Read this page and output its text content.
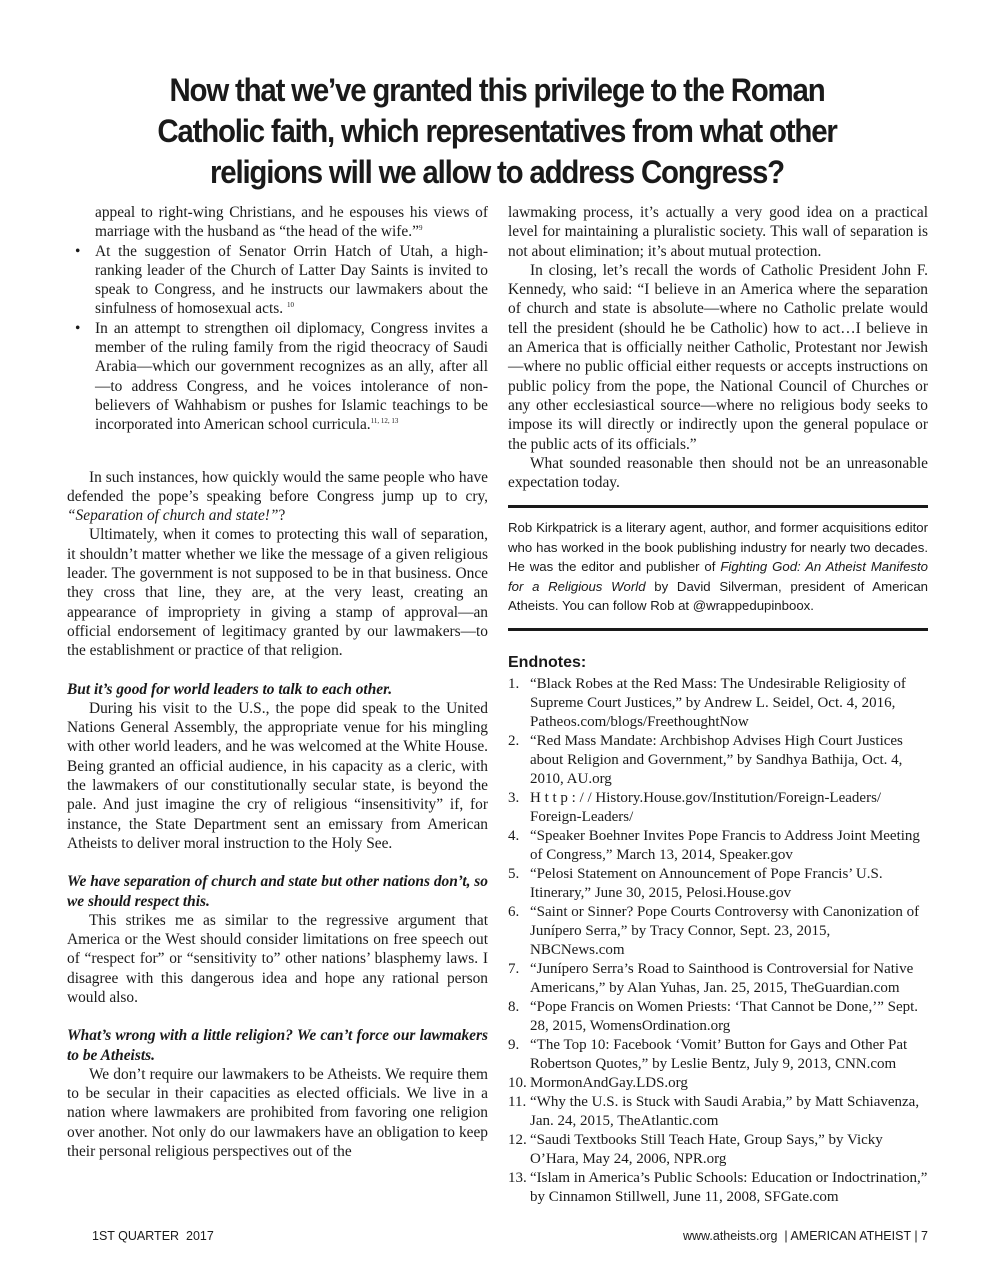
Now that we’ve granted this privilege to the Roman Catholic faith, which representatives from what other religions will we allow to address Congress?

appeal to right-wing Christians, and he espouses his views of marriage with the husband as “the head of the wife.”$^9$

• At the suggestion of Senator Orrin Hatch of Utah, a high-ranking leader of the Church of Latter Day Saints is invited to speak to Congress, and he instructs our lawmakers about the sinfulness of homosexual acts. $^{10}$
• In an attempt to strengthen oil diplomacy, Congress invites a member of the ruling family from the rigid theocracy of Saudi Arabia—which our government recognizes as an ally, after all—to address Congress, and he voices intolerance of non-believers of Wahhabism or pushes for Islamic teachings to be incorporated into American school curricula.$^{11, 12, 13}$

In such instances, how quickly would the same people who have defended the pope’s speaking before Congress jump up to cry, “Separation of church and state!”?

Ultimately, when it comes to protecting this wall of separation, it shouldn’t matter whether we like the message of a given religious leader. The government is not supposed to be in that business. Once they cross that line, they are, at the very least, creating an appearance of impropriety in giving a stamp of approval—an official endorsement of legitimacy granted by our lawmakers—to the establishment or practice of that religion.

But it’s good for world leaders to talk to each other.

During his visit to the U.S., the pope did speak to the United Nations General Assembly, the appropriate venue for his mingling with other world leaders, and he was welcomed at the White House. Being granted an official audience, in his capacity as a cleric, with the lawmakers of our constitutionally secular state, is beyond the pale. And just imagine the cry of religious “insensitivity” if, for instance, the State Department sent an emissary from American Atheists to deliver moral instruction to the Holy See.

We have separation of church and state but other nations don’t, so we should respect this.

This strikes me as similar to the regressive argument that America or the West should consider limitations on free speech out of “respect for” or “sensitivity to” other nations’ blasphemy laws. I disagree with this dangerous idea and hope any rational person would also.

What’s wrong with a little religion? We can’t force our lawmakers to be Atheists.

We don’t require our lawmakers to be Atheists. We require them to be secular in their capacities as elected officials. We live in a nation where lawmakers are prohibited from favoring one religion over another. Not only do our lawmakers have an obligation to keep their personal religious perspectives out of the

lawmaking process, it’s actually a very good idea on a practical level for maintaining a pluralistic society. This wall of separation is not about elimination; it’s about mutual protection.

In closing, let’s recall the words of Catholic President John F. Kennedy, who said: “I believe in an America where the separation of church and state is absolute—where no Catholic prelate would tell the president (should he be Catholic) how to act…I believe in an America that is officially neither Catholic, Protestant nor Jewish—where no public official either requests or accepts instructions on public policy from the pope, the National Council of Churches or any other ecclesiastical source—where no religious body seeks to impose its will directly or indirectly upon the general populace or the public acts of its officials.”

What sounded reasonable then should not be an unreasonable expectation today.

Rob Kirkpatrick is a literary agent, author, and former acquisitions editor who has worked in the book publishing industry for nearly two decades. He was the editor and publisher of Fighting God: An Atheist Manifesto for a Religious World by David Silverman, president of American Atheists. You can follow Rob at @wrappedupinboox.
Endnotes:
1. “Black Robes at the Red Mass: The Undesirable Religiosity of Supreme Court Justices,” by Andrew L. Seidel, Oct. 4, 2016, Patheos.com/blogs/FreethoughtNow
2. “Red Mass Mandate: Archbishop Advises High Court Justices about Religion and Government,” by Sandhya Bathija, Oct. 4, 2010, AU.org
3. H t t p : / / History.House.gov/Institution/Foreign-Leaders/ Foreign-Leaders/
4. “Speaker Boehner Invites Pope Francis to Address Joint Meeting of Congress,” March 13, 2014, Speaker.gov
5. “Pelosi Statement on Announcement of Pope Francis’ U.S. Itinerary,” June 30, 2015, Pelosi.House.gov
6. “Saint or Sinner? Pope Courts Controversy with Canonization of Junípero Serra,” by Tracy Connor, Sept. 23, 2015, NBCNews.com
7. “Junípero Serra’s Road to Sainthood is Controversial for Native Americans,” by Alan Yuhas, Jan. 25, 2015, TheGuardian.com
8. “Pope Francis on Women Priests: ‘That Cannot be Done,’” Sept. 28, 2015, WomensOrdination.org
9. “The Top 10: Facebook ‘Vomit’ Button for Gays and Other Pat Robertson Quotes,” by Leslie Bentz, July 9, 2013, CNN.com
10. MormonAndGay.LDS.org
11. “Why the U.S. is Stuck with Saudi Arabia,” by Matt Schiavenza, Jan. 24, 2015, TheAtlantic.com
12. “Saudi Textbooks Still Teach Hate, Group Says,” by Vicky O’Hara, May 24, 2006, NPR.org
13. “Islam in America’s Public Schools: Education or Indoctrination,” by Cinnamon Stillwell, June 11, 2008, SFGate.com
1ST QUARTER  2017	www.atheists.org  | AMERICAN ATHEIST | 7
